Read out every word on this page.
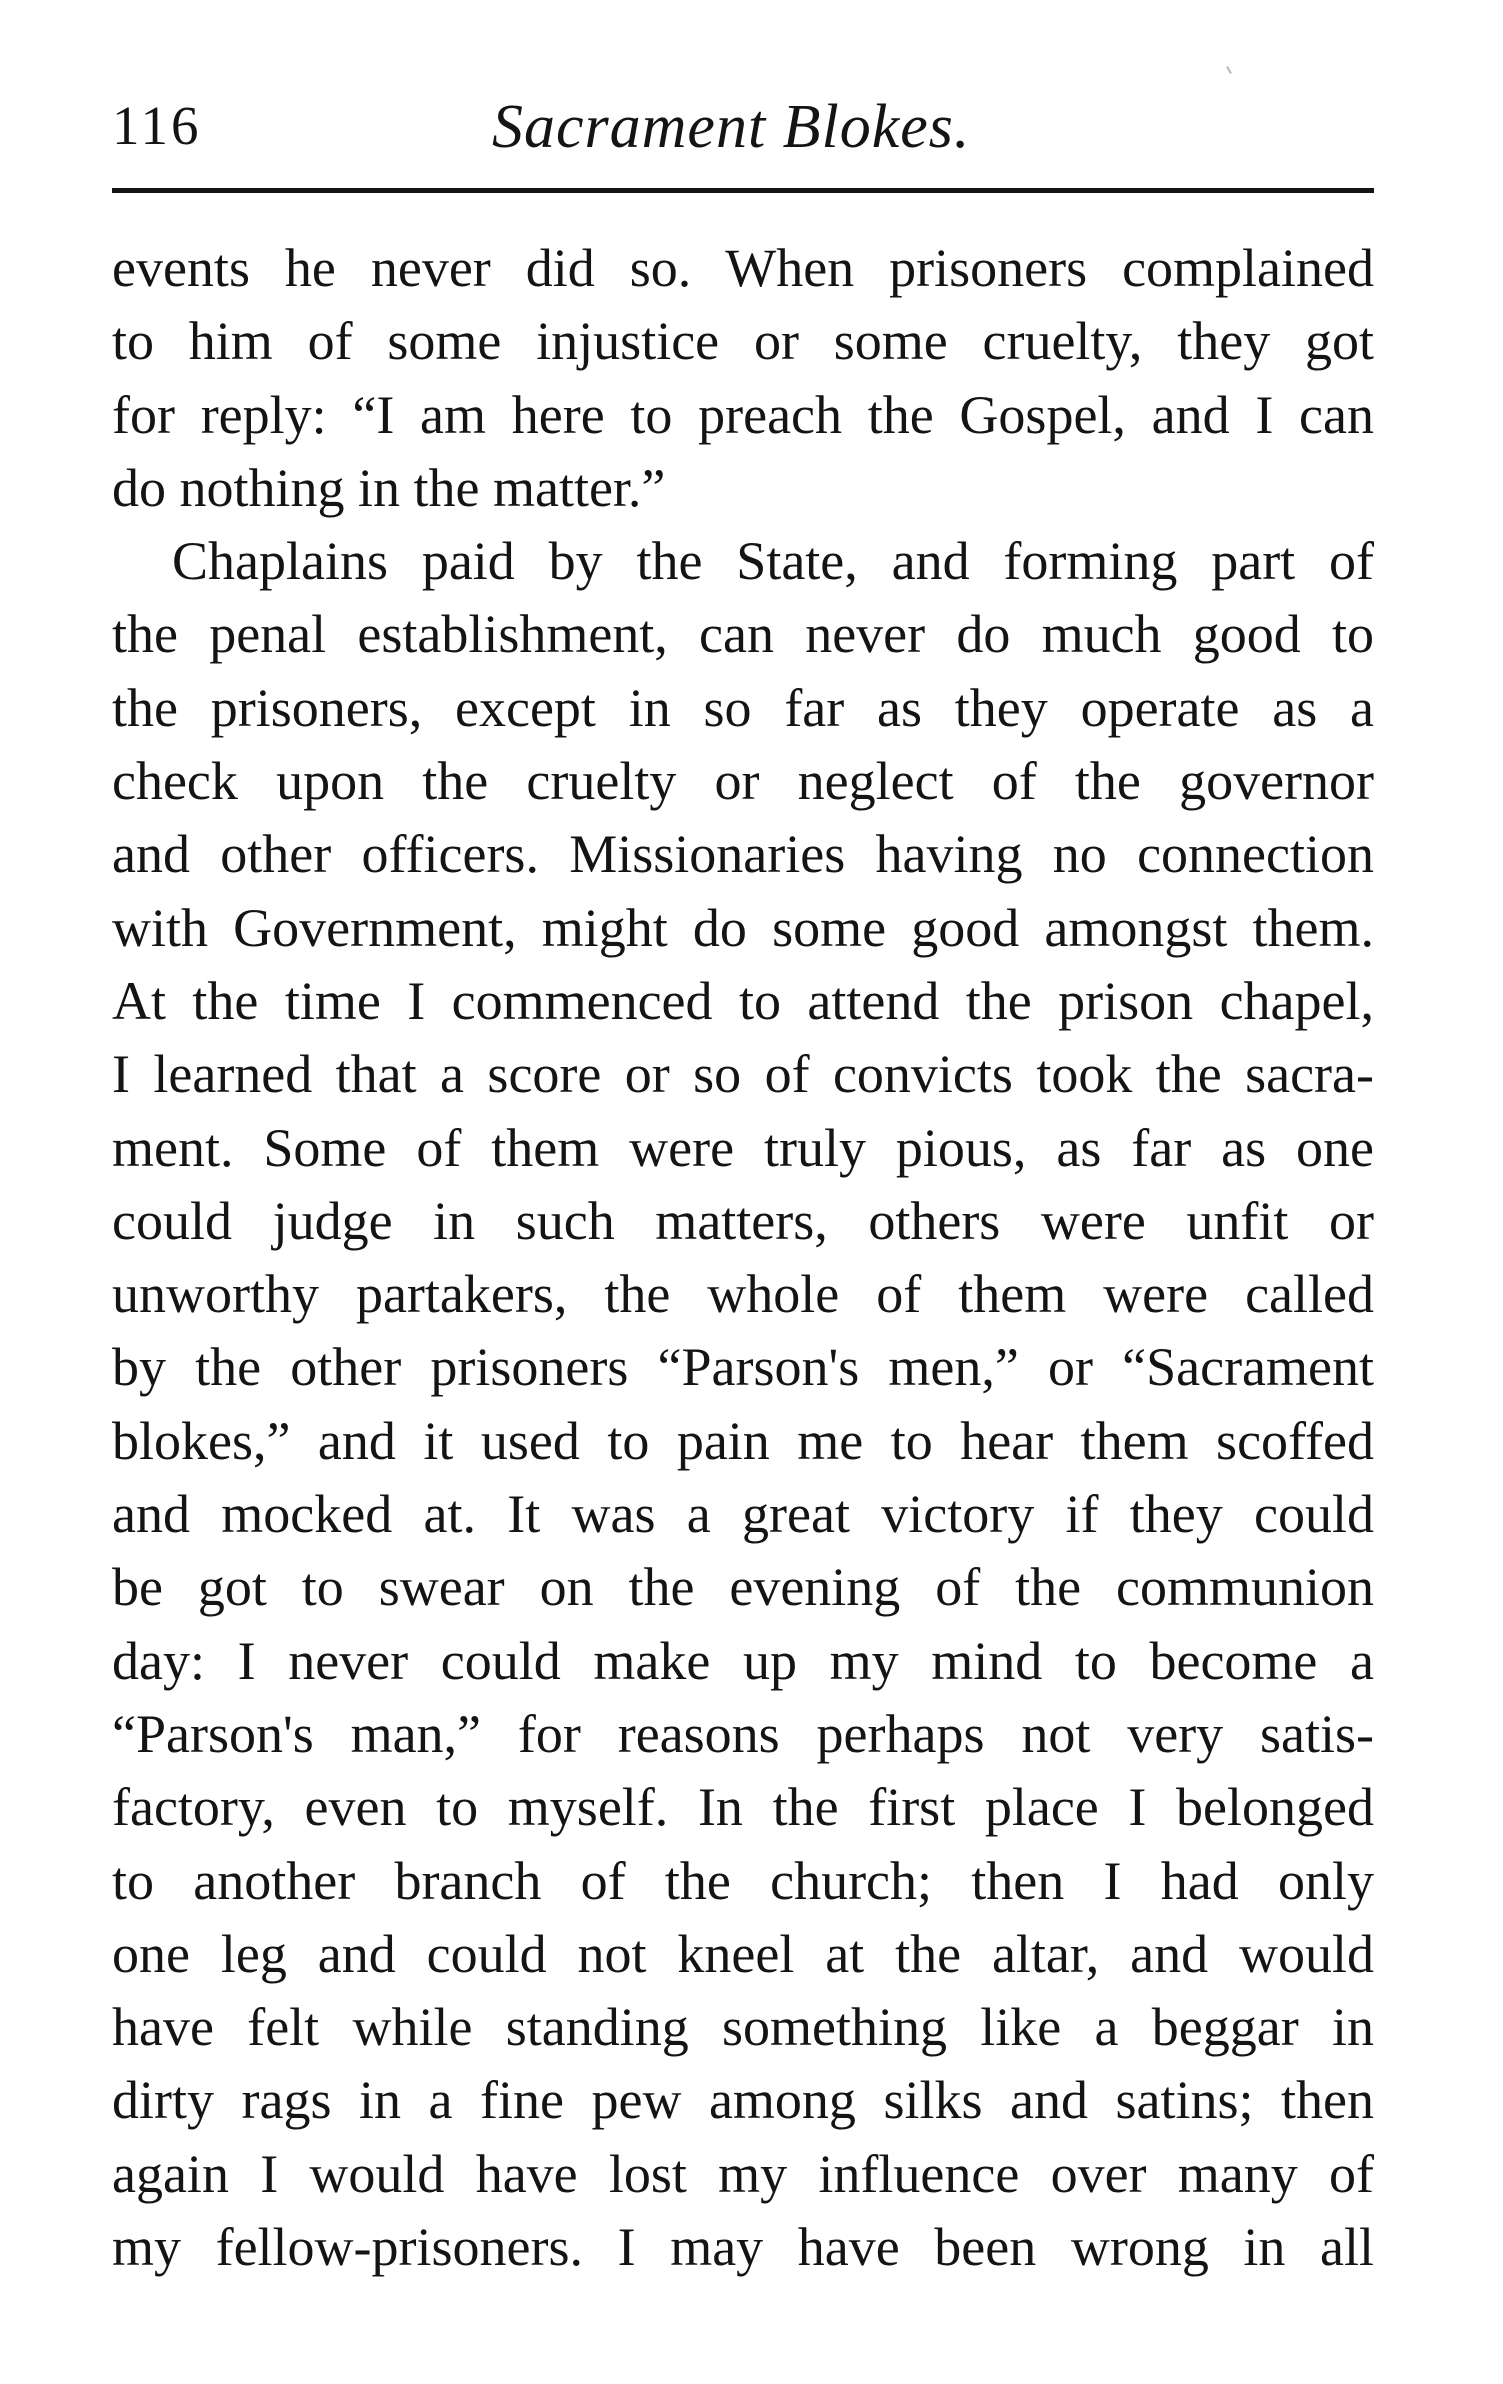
116	Sacrament Blokes.
events he never did so. When prisoners complained
to him of some injustice or some cruelty, they got
for reply: “I am here to preach the Gospel, and I can
do nothing in the matter.”
Chaplains paid by the State, and forming part of
the penal establishment, can never do much good to
the prisoners, except in so far as they operate as a
check upon the cruelty or neglect of the governor
and other officers. Missionaries having no connection
with Government, might do some good amongst them.
At the time I commenced to attend the prison chapel,
I learned that a score or so of convicts took the sacra-
ment. Some of them were truly pious, as far as one
could judge in such matters, others were unfit or
unworthy partakers, the whole of them were called
by the other prisoners “Parson's men,” or “Sacrament
blokes,” and it used to pain me to hear them scoffed
and mocked at. It was a great victory if they could
be got to swear on the evening of the communion
day: I never could make up my mind to become a
“Parson's man,” for reasons perhaps not very satis-
factory, even to myself. In the first place I belonged
to another branch of the church; then I had only
one leg and could not kneel at the altar, and would
have felt while standing something like a beggar in
dirty rags in a fine pew among silks and satins; then
again I would have lost my influence over many of
my fellow-prisoners. I may have been wrong in all
